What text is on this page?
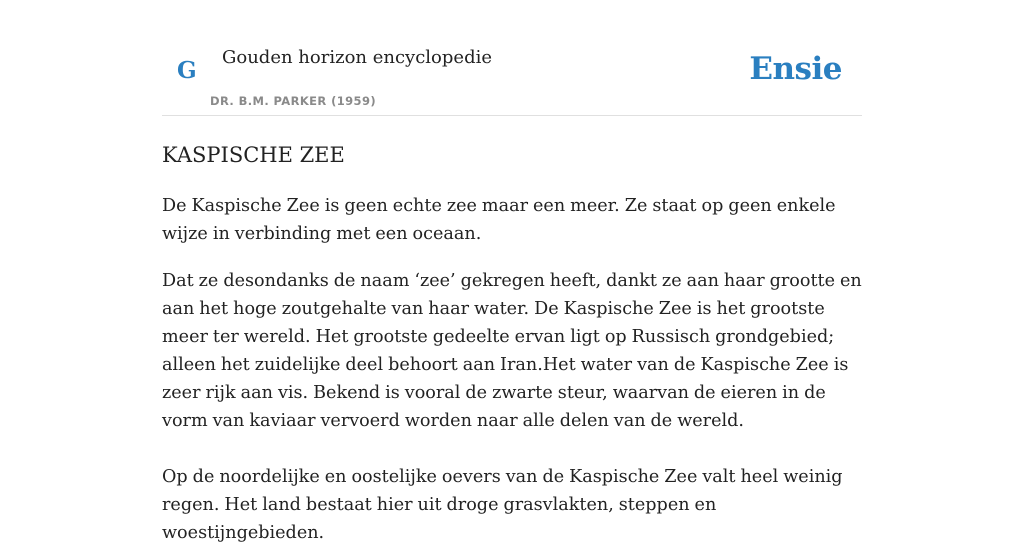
G Gouden horizon encyclopedie
DR. B.M. PARKER (1959)
Ensie
KASPISCHE ZEE

De Kaspische Zee is geen echte zee maar een meer. Ze staat op geen enkele wijze in verbinding met een oceaan.

Dat ze desondanks de naam ‘zee’ gekregen heeft, dankt ze aan haar grootte en aan het hoge zoutgehalte van haar water. De Kaspische Zee is het grootste meer ter wereld. Het grootste gedeelte ervan ligt op Russisch grondgebied; alleen het zuidelijke deel behoort aan Iran.Het water van de Kaspische Zee is zeer rijk aan vis. Bekend is vooral de zwarte steur, waarvan de eieren in de vorm van kaviaar vervoerd worden naar alle delen van de wereld.

Op de noordelijke en oostelijke oevers van de Kaspische Zee valt heel weinig regen. Het land bestaat hier uit droge grasvlakten, steppen en woestijngebieden.
